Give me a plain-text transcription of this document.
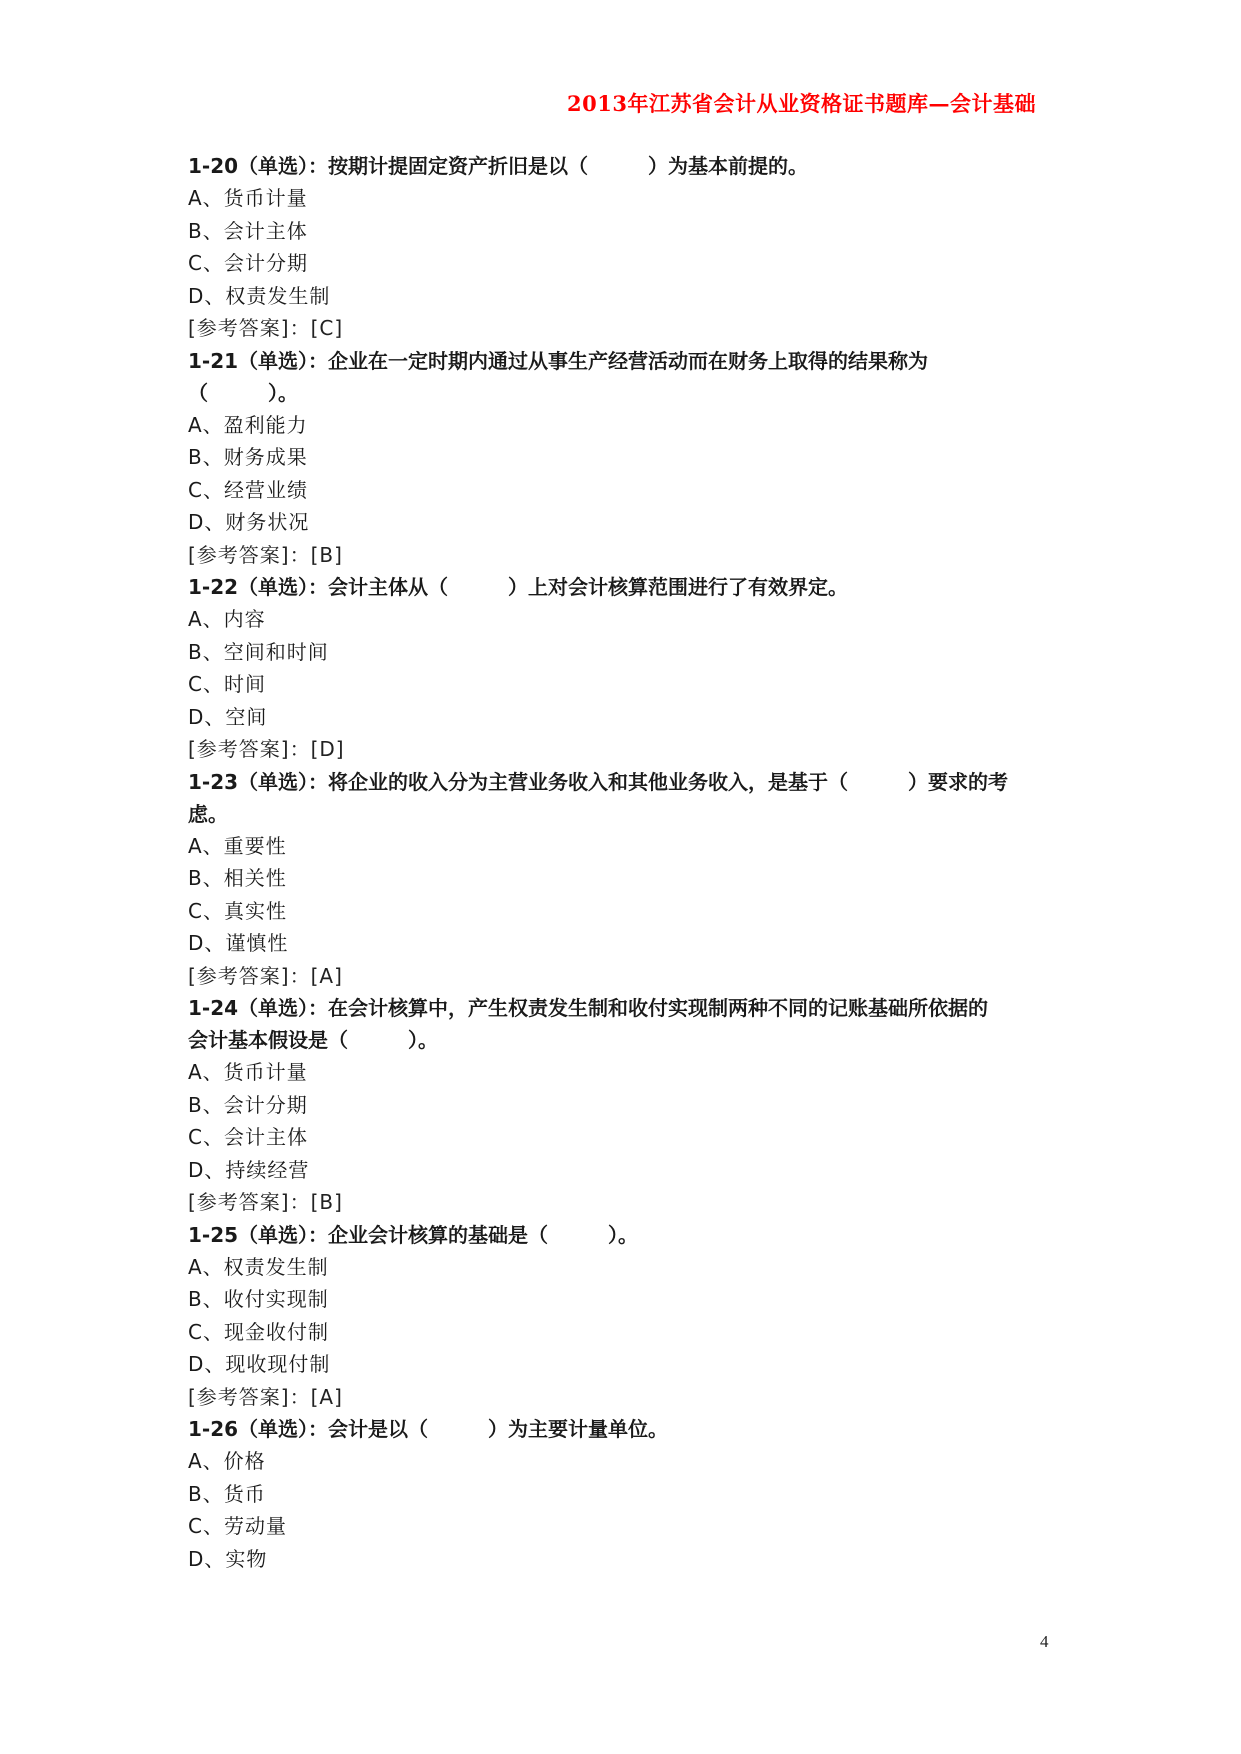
2013年江苏省会计从业资格证书题库—会计基础

1-20（单选）：按期计提固定资产折旧是以（　　　）为基本前提的。

A、货币计量

B、会计主体

C、会计分期

D、权责发生制

[参考答案]：[C]

1-21（单选）：企业在一定时期内通过从事生产经营活动而在财务上取得的结果称为

（　　　）。

A、盈利能力

B、财务成果

C、经营业绩

D、财务状况

[参考答案]：[B]

1-22（单选）：会计主体从（　　　）上对会计核算范围进行了有效界定。

A、内容

B、空间和时间

C、时间

D、空间

[参考答案]：[D]

1-23（单选）：将企业的收入分为主营业务收入和其他业务收入，是基于（　　　）要求的考

虑。

A、重要性

B、相关性

C、真实性

D、谨慎性

[参考答案]：[A]

1-24（单选）：在会计核算中，产生权责发生制和收付实现制两种不同的记账基础所依据的

会计基本假设是（　　　）。

A、货币计量

B、会计分期

C、会计主体

D、持续经营

[参考答案]：[B]

1-25（单选）：企业会计核算的基础是（　　　）。

A、权责发生制

B、收付实现制

C、现金收付制

D、现收现付制

[参考答案]：[A]

1-26（单选）：会计是以（　　　）为主要计量单位。

A、价格

B、货币

C、劳动量

D、实物

4
